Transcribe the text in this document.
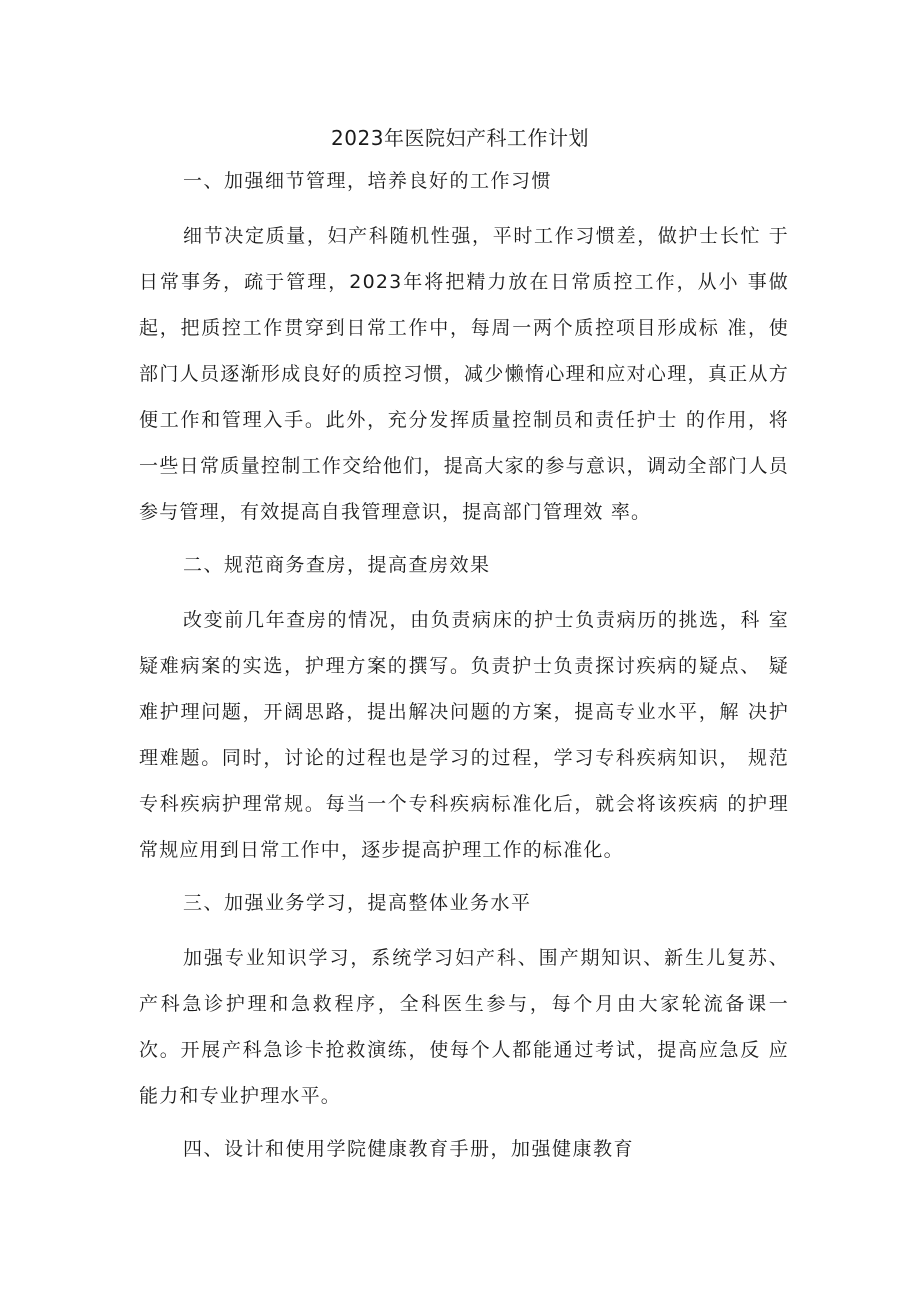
2023年医院妇产科工作计划
一、加强细节管理，培养良好的工作习惯
细节决定质量，妇产科随机性强，平时工作习惯差，做护士长忙 于日常事务，疏于管理，2023年将把精力放在日常质控工作，从小 事做起，把质控工作贯穿到日常工作中，每周一两个质控项目形成标 准，使部门人员逐渐形成良好的质控习惯，减少懒惰心理和应对心理，真正从方便工作和管理入手。此外，充分发挥质量控制员和责任护士 的作用，将一些日常质量控制工作交给他们，提高大家的参与意识，调动全部门人员参与管理，有效提高自我管理意识，提高部门管理效 率。
二、规范商务查房，提高查房效果
改变前几年查房的情况，由负责病床的护士负责病历的挑选，科 室疑难病案的实选，护理方案的撰写。负责护士负责探讨疾病的疑点、 疑难护理问题，开阔思路，提出解决问题的方案，提高专业水平，解 决护理难题。同时，讨论的过程也是学习的过程，学习专科疾病知识， 规范专科疾病护理常规。每当一个专科疾病标准化后，就会将该疾病 的护理常规应用到日常工作中，逐步提高护理工作的标准化。
三、加强业务学习，提高整体业务水平
加强专业知识学习，系统学习妇产科、围产期知识、新生儿复苏、 产科急诊护理和急救程序，全科医生参与，每个月由大家轮流备课一 次。开展产科急诊卡抢救演练，使每个人都能通过考试，提高应急反 应能力和专业护理水平。
四、设计和使用学院健康教育手册，加强健康教育
